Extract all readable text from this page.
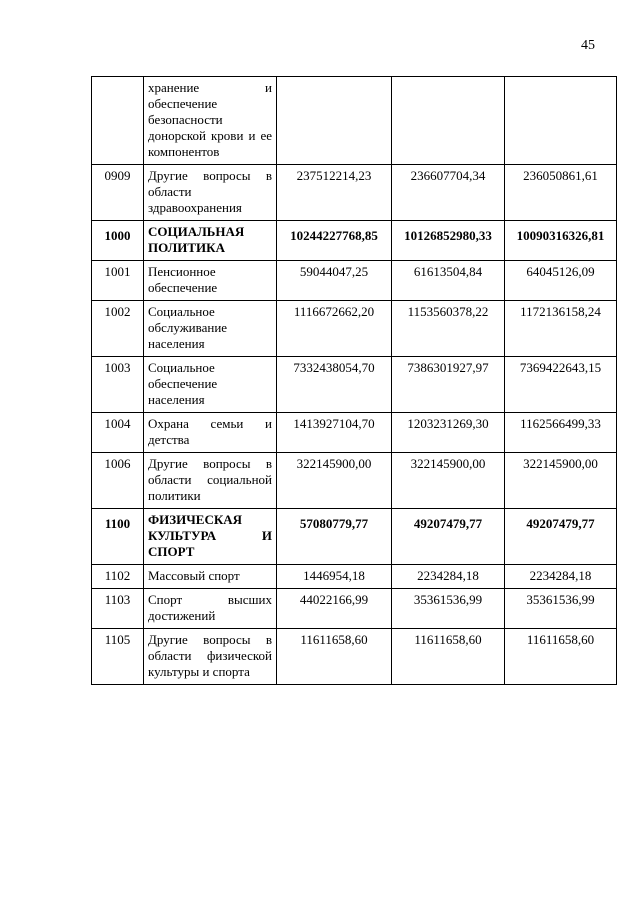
45
	хранение и обеспечение безопасности донорской крови и ее компонентов			
0909	Другие вопросы в области здравоохранения	237512214,23	236607704,34	236050861,61
1000	СОЦИАЛЬНАЯ ПОЛИТИКА	10244227768,85	10126852980,33	10090316326,81
1001	Пенсионное обеспечение	59044047,25	61613504,84	64045126,09
1002	Социальное обслуживание населения	1116672662,20	1153560378,22	1172136158,24
1003	Социальное обеспечение населения	7332438054,70	7386301927,97	7369422643,15
1004	Охрана семьи и детства	1413927104,70	1203231269,30	1162566499,33
1006	Другие вопросы в области социальной политики	322145900,00	322145900,00	322145900,00
1100	ФИЗИЧЕСКАЯ КУЛЬТУРА И СПОРТ	57080779,77	49207479,77	49207479,77
1102	Массовый спорт	1446954,18	2234284,18	2234284,18
1103	Спорт высших достижений	44022166,99	35361536,99	35361536,99
1105	Другие вопросы в области физической культуры и спорта	11611658,60	11611658,60	11611658,60
